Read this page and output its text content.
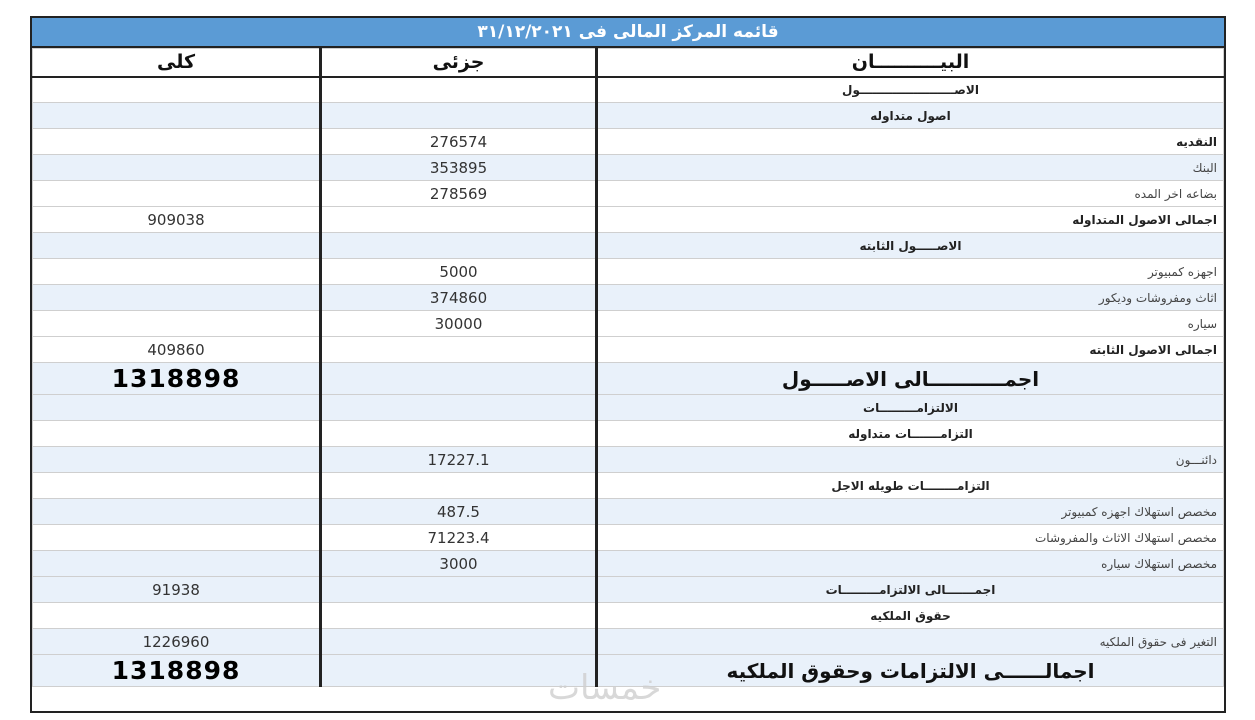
قائمه المركز المالى فى ٣١/١٢/٢٠٢١
كلى	جزئى	البيــــــــــان
		الاصـــــــــــــــــــــــول
		اصول متداوله
	276574	النقديه
	353895	البنك
	278569	بضاعه اخر المده
909038		اجمالى الاصول المتداوله
		الاصـــــول الثابته
	5000	اجهزه كمبيوتر
	374860	اثاث ومفروشات وديكور
	30000	سياره
409860		اجمالى الاصول الثابته
1318898		اجمـــــــــــالى الاصـــــول
		الالتزامـــــــــات
		التزامـــــــات متداوله
	17227.1	دائنـــون
		التزامــــــــات طويله الاجل
	487.5	مخصص استهلاك اجهزه كمبيوتر
	71223.4	مخصص استهلاك الاثاث والمفروشات
	3000	مخصص استهلاك سياره
91938		اجمـــــــالى الالتزامـــــــــات
		حقوق الملكيه
1226960		التغير فى حقوق الملكيه
1318898		اجمالــــــى الالتزامات وحقوق الملكيه
خمسات
